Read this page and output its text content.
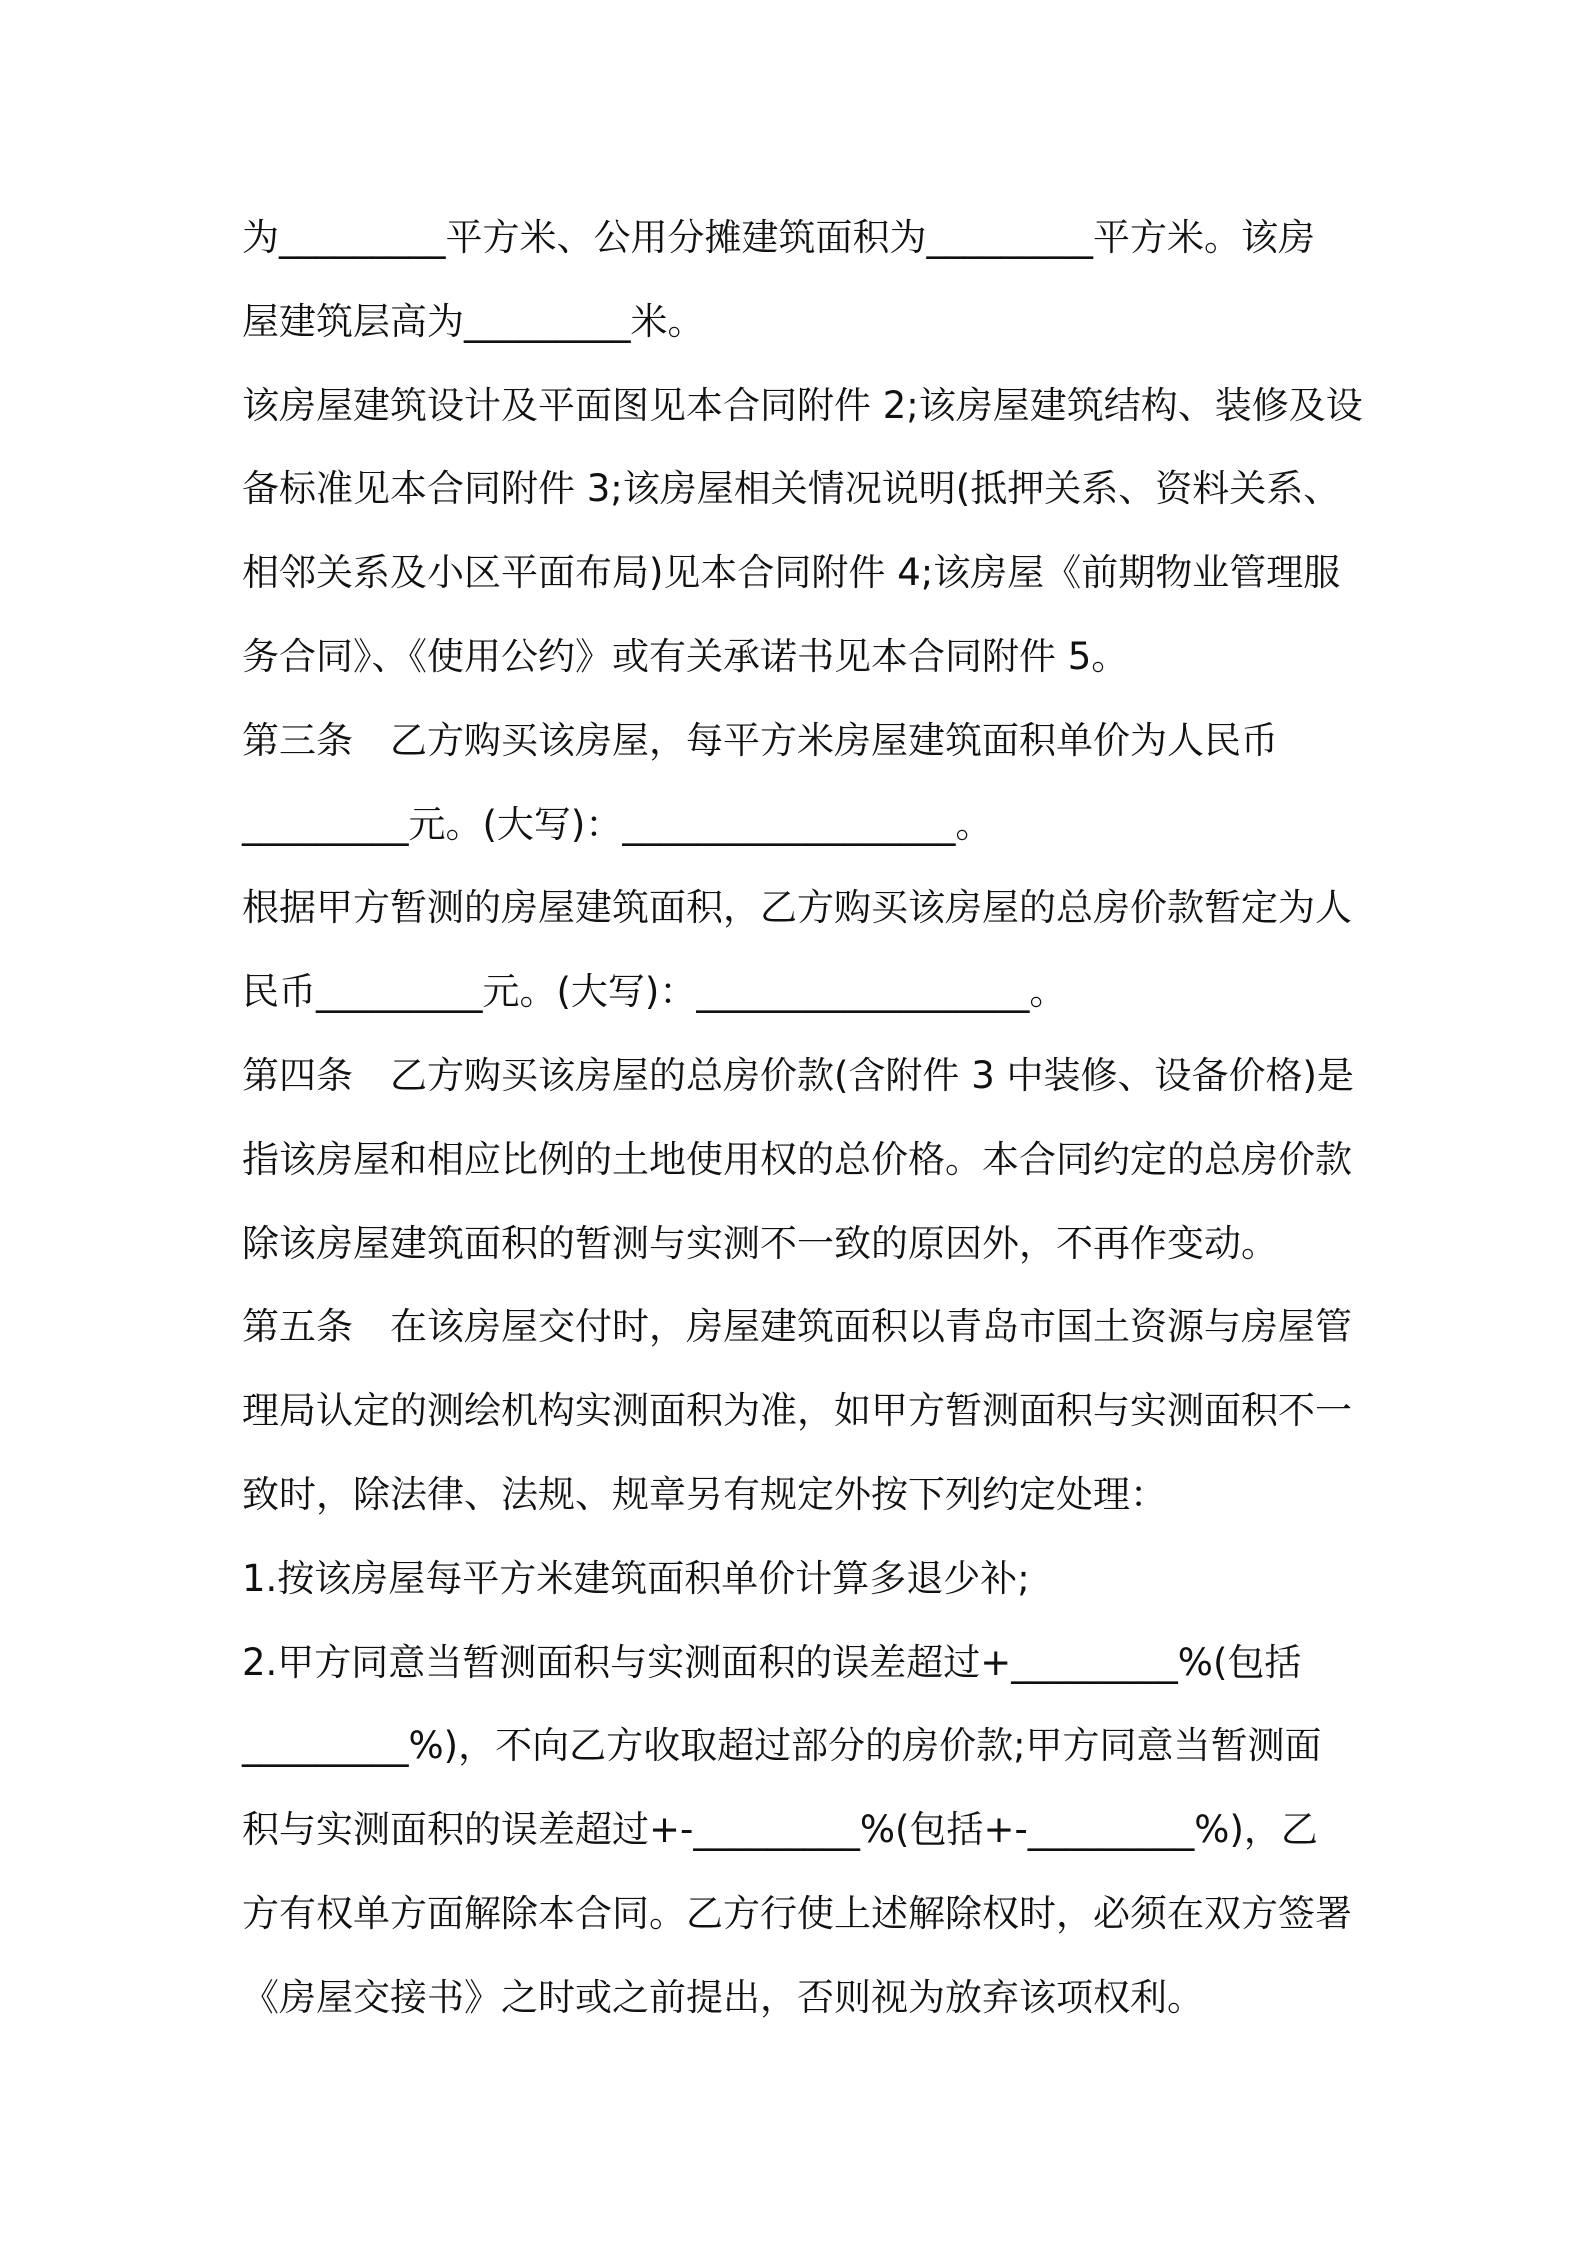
为_________平方米、公用分摊建筑面积为_________平方米。该房
屋建筑层高为_________米。
该房屋建筑设计及平面图见本合同附件 2;该房屋建筑结构、装修及设
备标准见本合同附件 3;该房屋相关情况说明(抵押关系、资料关系、
相邻关系及小区平面布局)见本合同附件 4;该房屋《前期物业管理服
务合同》、《使用公约》或有关承诺书见本合同附件 5。
第三条　乙方购买该房屋，每平方米房屋建筑面积单价为人民币
_________元。(大写)：__________________。
根据甲方暂测的房屋建筑面积，乙方购买该房屋的总房价款暂定为人
民币_________元。(大写)：__________________。
第四条　乙方购买该房屋的总房价款(含附件 3 中装修、设备价格)是
指该房屋和相应比例的土地使用权的总价格。本合同约定的总房价款
除该房屋建筑面积的暂测与实测不一致的原因外，不再作变动。
第五条　在该房屋交付时，房屋建筑面积以青岛市国土资源与房屋管
理局认定的测绘机构实测面积为准，如甲方暂测面积与实测面积不一
致时，除法律、法规、规章另有规定外按下列约定处理：
1.按该房屋每平方米建筑面积单价计算多退少补;
2.甲方同意当暂测面积与实测面积的误差超过+_________%(包括
_________%)，不向乙方收取超过部分的房价款;甲方同意当暂测面
积与实测面积的误差超过+-_________%(包括+-_________%)，乙
方有权单方面解除本合同。乙方行使上述解除权时，必须在双方签署
《房屋交接书》之时或之前提出，否则视为放弃该项权利。
